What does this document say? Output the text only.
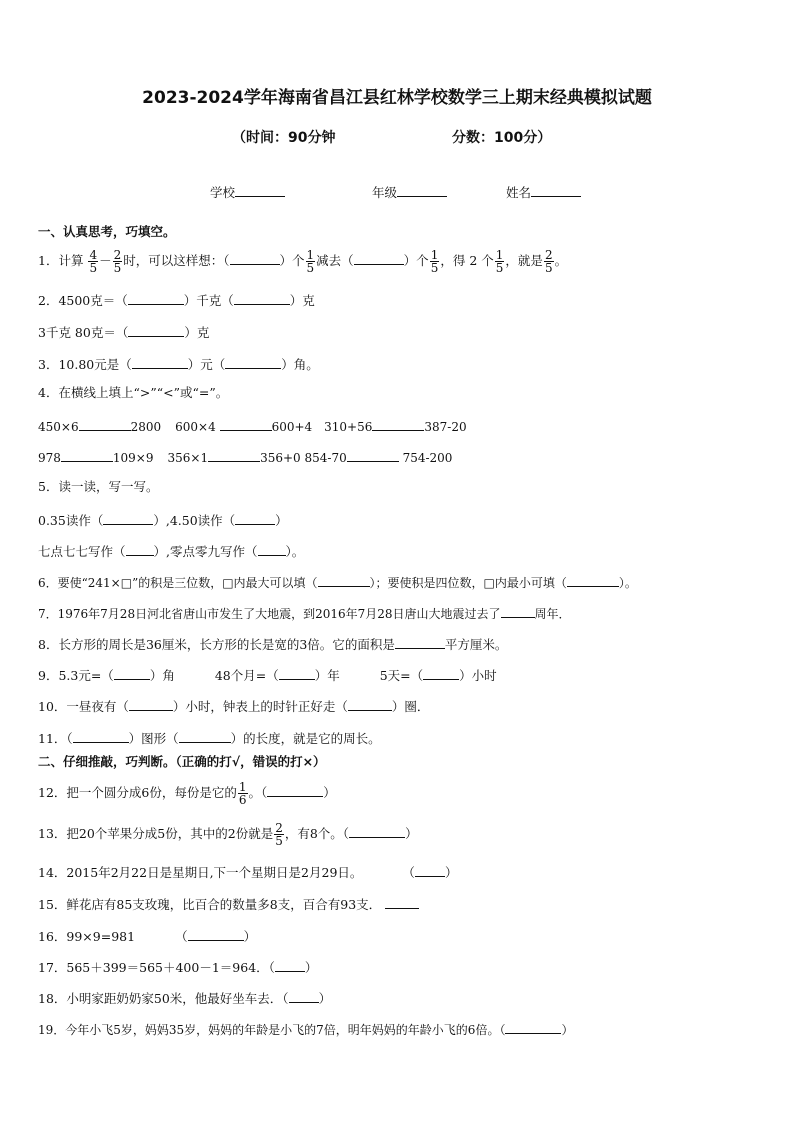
2023-2024学年海南省昌江县红林学校数学三上期末经典模拟试题
（时间：90分钟	分数：100分）
学校	年级	姓名
一、认真思考，巧填空。
1．计算 $\frac{4}{5} - \frac{2}{5}$ 时，可以这样想：（	）个 $\frac{1}{5}$ 减去（	）个 $\frac{1}{5}$ ，得 2 个 $\frac{1}{5}$ ，就是 $\frac{2}{5}$ 。
2．4500克＝（	）千克（	）克
3千克 80克＝（	）克
3．10.80元是（	）元（	）角。
4．在横线上填上“>”“<”或“=”。
450×6	2800 600×4	600+4 310+56	387-20
978	109×9 356×1	356+0 854-70	754-200
5．读一读，写一写。
0.35读作（	）,4.50读作（	）
七点七七写作（ ）,零点零九写作（ ）。
6．要使“241×□”的积是三位数，□内最大可以填（	）；要使积是四位数，□内最小可填（	）。
7．1976年7月28日河北省唐山市发生了大地震，到2016年7月28日唐山大地震过去了	周年．
8．长方形的周长是36厘米，长方形的长是宽的3倍。它的面积是	平方厘米。
9．5.3元=（	）角	48个月=（	）年	5天=（	）小时
10．一昼夜有（	）小时，钟表上的时针正好走（	）圈．
11．（	）图形（	）的长度，就是它的周长。
二、仔细推敲，巧判断。（正确的打√，错误的打×）
12．把一个圆分成6份，每份是它的 $\frac{1}{6}$ 。（	）
13．把20个苹果分成5份，其中的2份就是 $\frac{2}{5}$ ，有8个。（	）
14．2015年2月22日是星期日,下一个星期日是2月29日。	（ ）
15．鲜花店有85支玫瑰，比百合的数量多8支，百合有93支．
16．99×9=981	（	）
17．565＋399＝565＋400－1＝964．（ ）
18．小明家距奶奶家50米，他最好坐车去．（ ）
19．今年小飞5岁，妈妈35岁，妈妈的年龄是小飞的7倍，明年妈妈的年龄小飞的6倍。（	）
